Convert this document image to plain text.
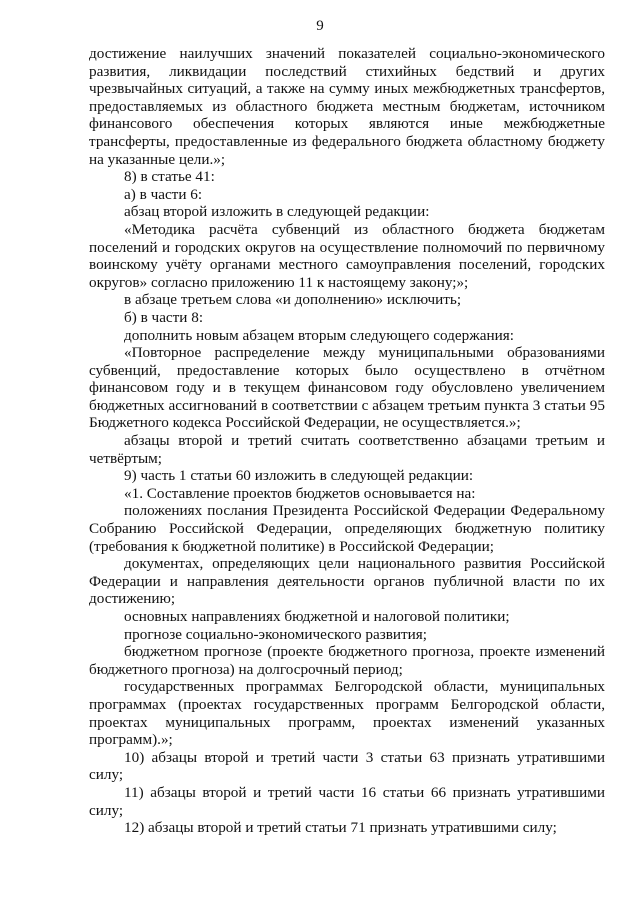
9

достижение наилучших значений показателей социально-экономического развития, ликвидации последствий стихийных бедствий и других чрезвычайных ситуаций, а также на сумму иных межбюджетных трансфертов, предоставляемых из областного бюджета местным бюджетам, источником финансового обеспечения которых являются иные межбюджетные трансферты, предоставленные из федерального бюджета областному бюджету на указанные цели.»;

8) в статье 41:

а) в части 6:

абзац второй изложить в следующей редакции:

«Методика расчёта субвенций из областного бюджета бюджетам поселений и городских округов на осуществление полномочий по первичному воинскому учёту органами местного самоуправления поселений, городских округов» согласно приложению 11 к настоящему закону;»;

в абзаце третьем слова «и дополнению» исключить;

б) в части 8:

дополнить новым абзацем вторым следующего содержания:

«Повторное распределение между муниципальными образованиями субвенций, предоставление которых было осуществлено в отчётном финансовом году и в текущем финансовом году обусловлено увеличением бюджетных ассигнований в соответствии с абзацем третьим пункта 3 статьи 95 Бюджетного кодекса Российской Федерации, не осуществляется.»;

абзацы второй и третий считать соответственно абзацами третьим и четвёртым;

9) часть 1 статьи 60 изложить в следующей редакции:

«1. Составление проектов бюджетов основывается на:

положениях послания Президента Российской Федерации Федеральному Собранию Российской Федерации, определяющих бюджетную политику (требования к бюджетной политике) в Российской Федерации;

документах, определяющих цели национального развития Российской Федерации и направления деятельности органов публичной власти по их достижению;

основных направлениях бюджетной и налоговой политики;

прогнозе социально-экономического развития;

бюджетном прогнозе (проекте бюджетного прогноза, проекте изменений бюджетного прогноза) на долгосрочный период;

государственных программах Белгородской области, муниципальных программах (проектах государственных программ Белгородской области, проектах муниципальных программ, проектах изменений указанных программ).»;

10) абзацы второй и третий части 3 статьи 63 признать утратившими силу;

11) абзацы второй и третий части 16 статьи 66 признать утратившими силу;

12) абзацы второй и третий статьи 71 признать утратившими силу;
